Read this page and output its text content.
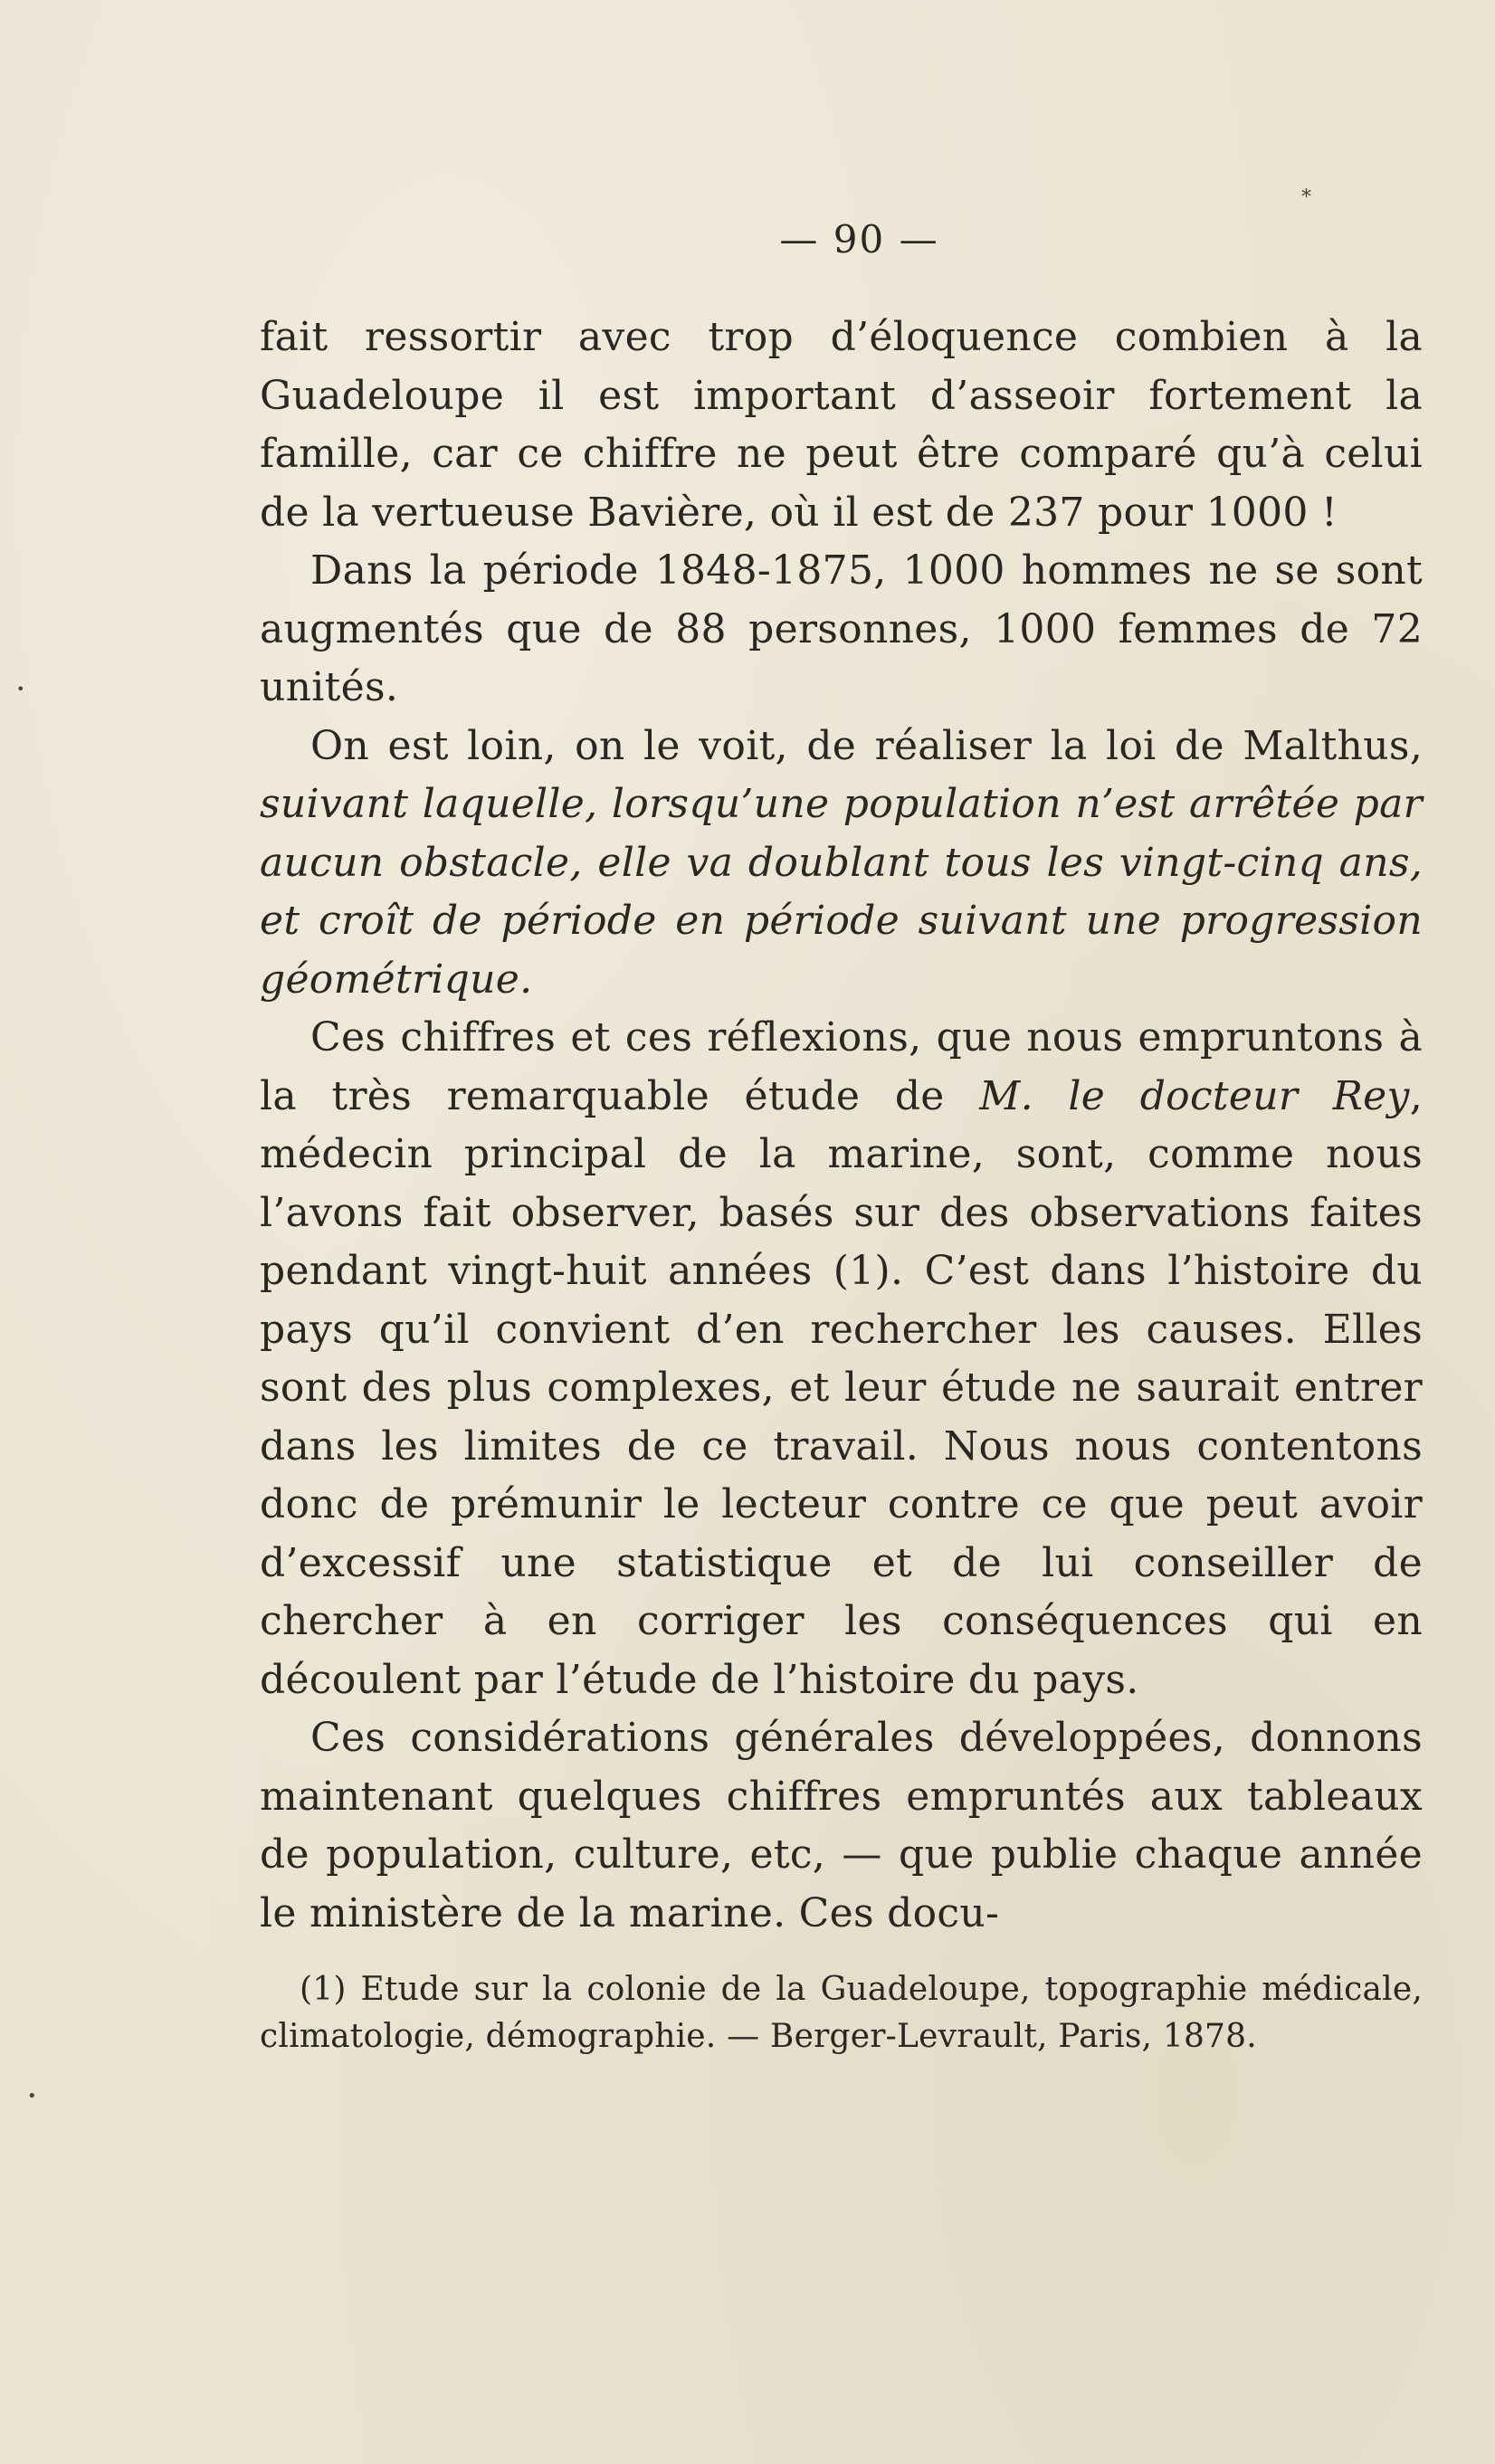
*
•
•
— 90 —

fait ressortir avec trop d’éloquence combien à la Guadeloupe il est important d’asseoir fortement la famille, car ce chiffre ne peut être comparé qu’à celui de la vertueuse Bavière, où il est de 237 pour 1000 !

Dans la période 1848-1875, 1000 hommes ne se sont augmentés que de 88 personnes, 1000 femmes de 72 unités.

On est loin, on le voit, de réaliser la loi de Malthus, suivant laquelle, lorsqu’une population n’est arrêtée par aucun obstacle, elle va doublant tous les vingt-cinq ans, et croît de période en période suivant une progression géométrique.

Ces chiffres et ces réflexions, que nous empruntons à la très remarquable étude de M. le docteur Rey, médecin principal de la marine, sont, comme nous l’avons fait observer, basés sur des observations faites pendant vingt-huit années (1). C’est dans l’histoire du pays qu’il convient d’en rechercher les causes. Elles sont des plus complexes, et leur étude ne saurait entrer dans les limites de ce travail. Nous nous contentons donc de prémunir le lecteur contre ce que peut avoir d’excessif une statistique et de lui conseiller de chercher à en corriger les conséquences qui en découlent par l’étude de l’histoire du pays.

Ces considérations générales développées, donnons maintenant quelques chiffres empruntés aux tableaux de population, culture, etc, — que publie chaque année le ministère de la marine. Ces docu-

(1) Etude sur la colonie de la Guadeloupe, topographie médicale, climatologie, démographie. — Berger-Levrault, Paris, 1878.
